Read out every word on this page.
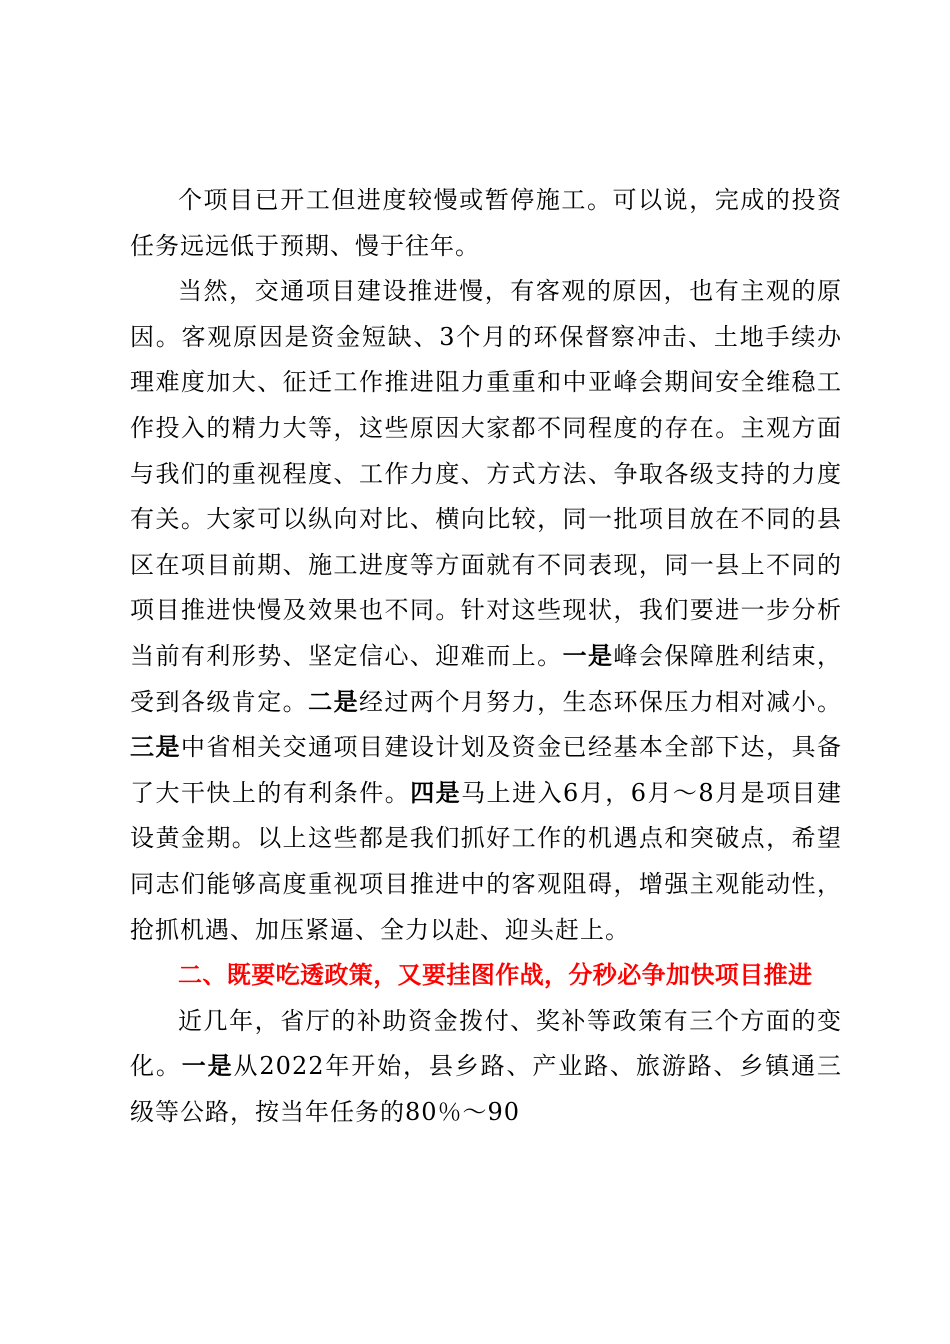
个项目已开工但进度较慢或暂停施工。可以说，完成的投资任务远远低于预期、慢于往年。

当然，交通项目建设推进慢，有客观的原因，也有主观的原因。客观原因是资金短缺、3个月的环保督察冲击、土地手续办理难度加大、征迁工作推进阻力重重和中亚峰会期间安全维稳工作投入的精力大等，这些原因大家都不同程度的存在。主观方面与我们的重视程度、工作力度、方式方法、争取各级支持的力度有关。大家可以纵向对比、横向比较，同一批项目放在不同的县区在项目前期、施工进度等方面就有不同表现，同一县上不同的项目推进快慢及效果也不同。针对这些现状，我们要进一步分析当前有利形势、坚定信心、迎难而上。一是峰会保障胜利结束，受到各级肯定。二是经过两个月努力，生态环保压力相对减小。三是中省相关交通项目建设计划及资金已经基本全部下达，具备了大干快上的有利条件。四是马上进入6月，6月～8月是项目建设黄金期。以上这些都是我们抓好工作的机遇点和突破点，希望同志们能够高度重视项目推进中的客观阻碍，增强主观能动性，抢抓机遇、加压紧逼、全力以赴、迎头赶上。

二、既要吃透政策，又要挂图作战，分秒必争加快项目推进

近几年，省厅的补助资金拨付、奖补等政策有三个方面的变化。一是从2022年开始，县乡路、产业路、旅游路、乡镇通三级等公路，按当年任务的80％～90
